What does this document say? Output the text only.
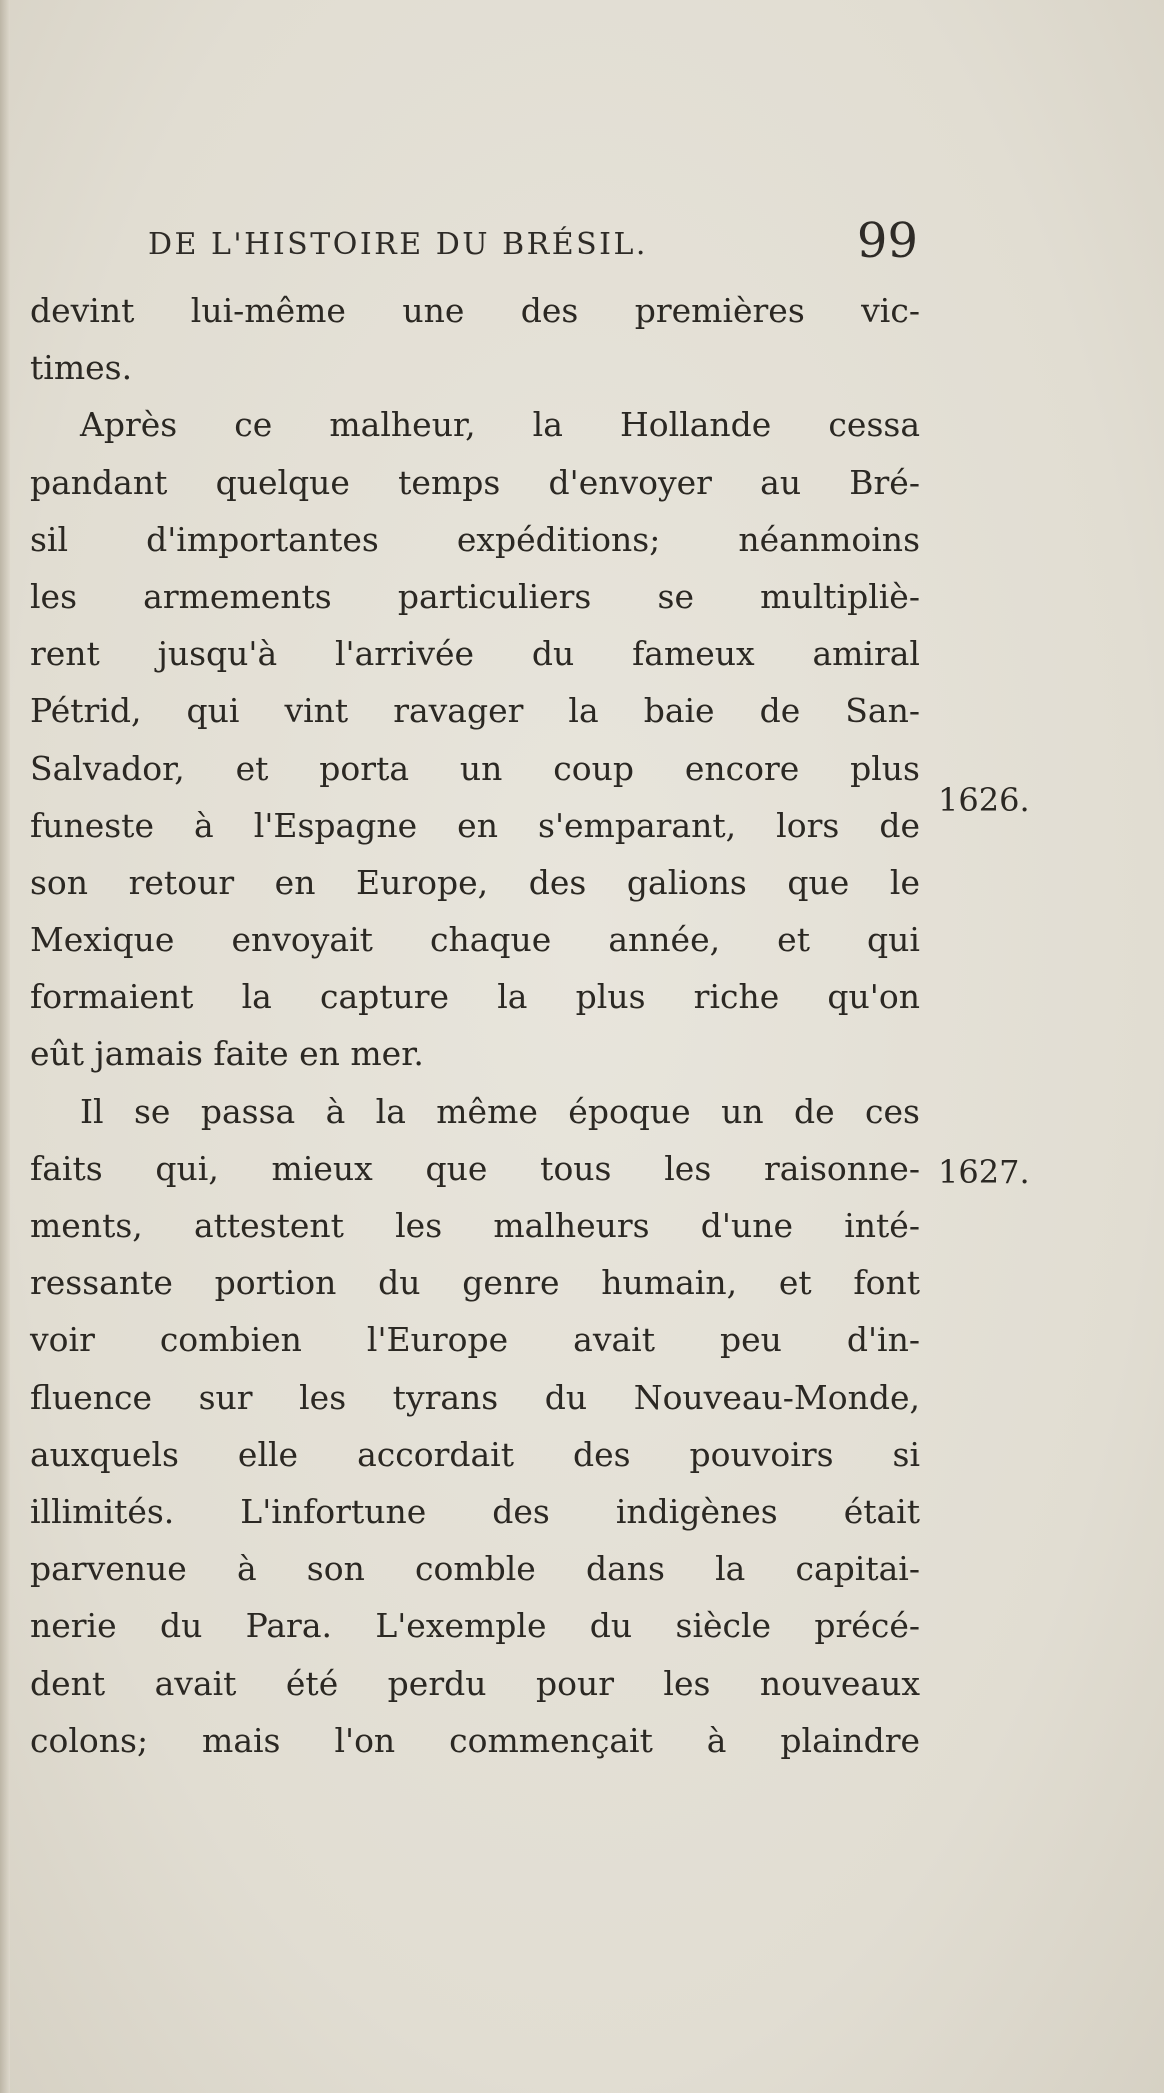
DE L'HISTOIRE DU BRÉSIL.	99
devint lui-même une des premières vic-
times.
Après ce malheur, la Hollande cessa
pandant quelque temps d'envoyer au Bré-
sil d'importantes expéditions; néanmoins
les armements particuliers se multipliè-
rent jusqu'à l'arrivée du fameux amiral
Pétrid, qui vint ravager la baie de San-
Salvador, et porta un coup encore plus
funeste à l'Espagne en s'emparant, lors de
son retour en Europe, des galions que le
Mexique envoyait chaque année, et qui
formaient la capture la plus riche qu'on
eût jamais faite en mer.
Il se passa à la même époque un de ces
faits qui, mieux que tous les raisonne-
ments, attestent les malheurs d'une inté-
ressante portion du genre humain, et font
voir combien l'Europe avait peu d'in-
fluence sur les tyrans du Nouveau-Monde,
auxquels elle accordait des pouvoirs si
illimités. L'infortune des indigènes était
parvenue à son comble dans la capitai-
nerie du Para. L'exemple du siècle précé-
dent avait été perdu pour les nouveaux
colons; mais l'on commençait à plaindre
1626.
1627.
